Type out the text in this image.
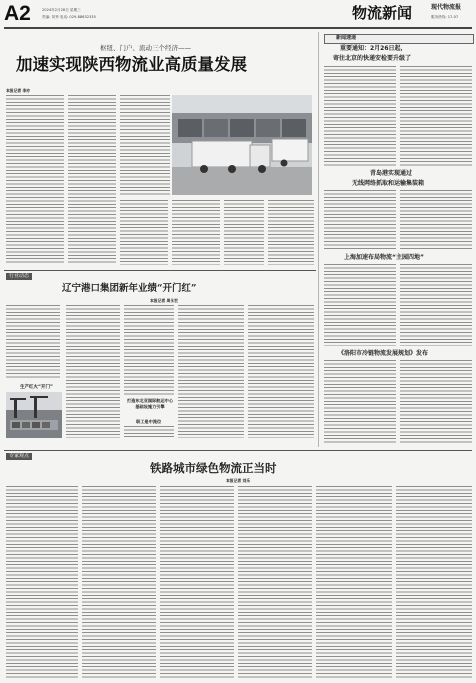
A2	2024年2月28日 星期三
责编: 刘秀 电话: 029-88632335	物流新闻	现代物流报
服务热线: 17-07
枢纽、门户、流动三个经济——
加速实现陕西物流业高质量发展
本报记者 李亦
新闻速递
重要通知：2月26日起，
寄往北京的快递安检要升级了
青岛港实现通过
无线网络抓取和运输集装箱
上海加速布局物流“主园四地”
《洛阳市冷链物流发展规划》发布
行业动态
辽宁港口集团新年业绩“开门红”
本报记者 周永宏
生产红火“开门”
打造东北亚国际航运中心基础设施力引擎
职工是中流位
专家观点
铁路城市绿色物流正当时
本报记者 刘乐
